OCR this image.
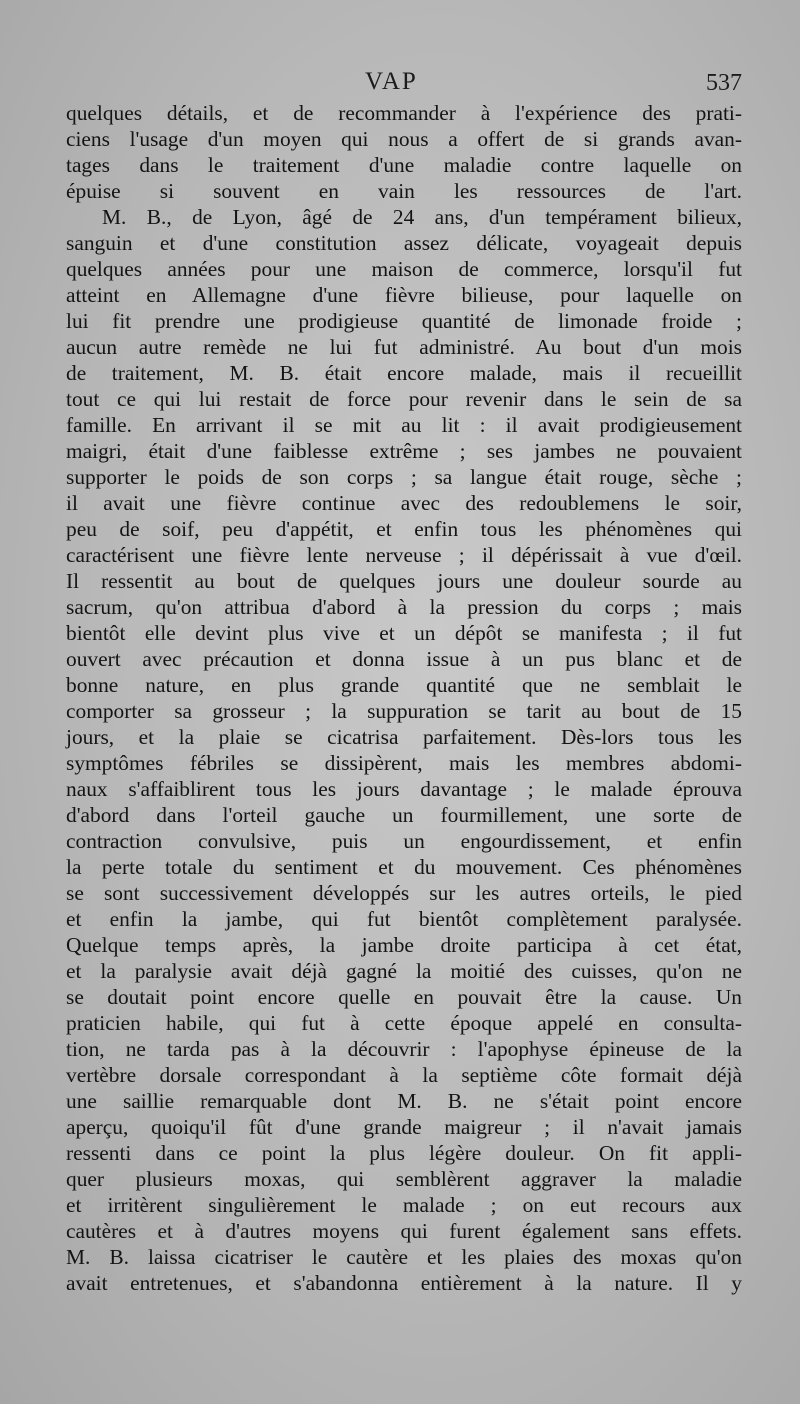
VAP	537
quelques détails, et de recommander à l'expérience des prati-
ciens l'usage d'un moyen qui nous a offert de si grands avan-
tages dans le traitement d'une maladie contre laquelle on
épuise si souvent en vain les ressources de l'art.
M. B., de Lyon, âgé de 24 ans, d'un tempérament bilieux,
sanguin et d'une constitution assez délicate, voyageait depuis
quelques années pour une maison de commerce, lorsqu'il fut
atteint en Allemagne d'une fièvre bilieuse, pour laquelle on
lui fit prendre une prodigieuse quantité de limonade froide ;
aucun autre remède ne lui fut administré. Au bout d'un mois
de traitement, M. B. était encore malade, mais il recueillit
tout ce qui lui restait de force pour revenir dans le sein de sa
famille. En arrivant il se mit au lit : il avait prodigieusement
maigri, était d'une faiblesse extrême ; ses jambes ne pouvaient
supporter le poids de son corps ; sa langue était rouge, sèche ;
il avait une fièvre continue avec des redoublemens le soir,
peu de soif, peu d'appétit, et enfin tous les phénomènes qui
caractérisent une fièvre lente nerveuse ; il dépérissait à vue d'œil.
Il ressentit au bout de quelques jours une douleur sourde au
sacrum, qu'on attribua d'abord à la pression du corps ; mais
bientôt elle devint plus vive et un dépôt se manifesta ; il fut
ouvert avec précaution et donna issue à un pus blanc et de
bonne nature, en plus grande quantité que ne semblait le
comporter sa grosseur ; la suppuration se tarit au bout de 15
jours, et la plaie se cicatrisa parfaitement. Dès-lors tous les
symptômes fébriles se dissipèrent, mais les membres abdomi-
naux s'affaiblirent tous les jours davantage ; le malade éprouva
d'abord dans l'orteil gauche un fourmillement, une sorte de
contraction convulsive, puis un engourdissement, et enfin
la perte totale du sentiment et du mouvement. Ces phénomènes
se sont successivement développés sur les autres orteils, le pied
et enfin la jambe, qui fut bientôt complètement paralysée.
Quelque temps après, la jambe droite participa à cet état,
et la paralysie avait déjà gagné la moitié des cuisses, qu'on ne
se doutait point encore quelle en pouvait être la cause. Un
praticien habile, qui fut à cette époque appelé en consulta-
tion, ne tarda pas à la découvrir : l'apophyse épineuse de la
vertèbre dorsale correspondant à la septième côte formait déjà
une saillie remarquable dont M. B. ne s'était point encore
aperçu, quoiqu'il fût d'une grande maigreur ; il n'avait jamais
ressenti dans ce point la plus légère douleur. On fit appli-
quer plusieurs moxas, qui semblèrent aggraver la maladie
et irritèrent singulièrement le malade ; on eut recours aux
cautères et à d'autres moyens qui furent également sans effets.
M. B. laissa cicatriser le cautère et les plaies des moxas qu'on
avait entretenues, et s'abandonna entièrement à la nature. Il y
